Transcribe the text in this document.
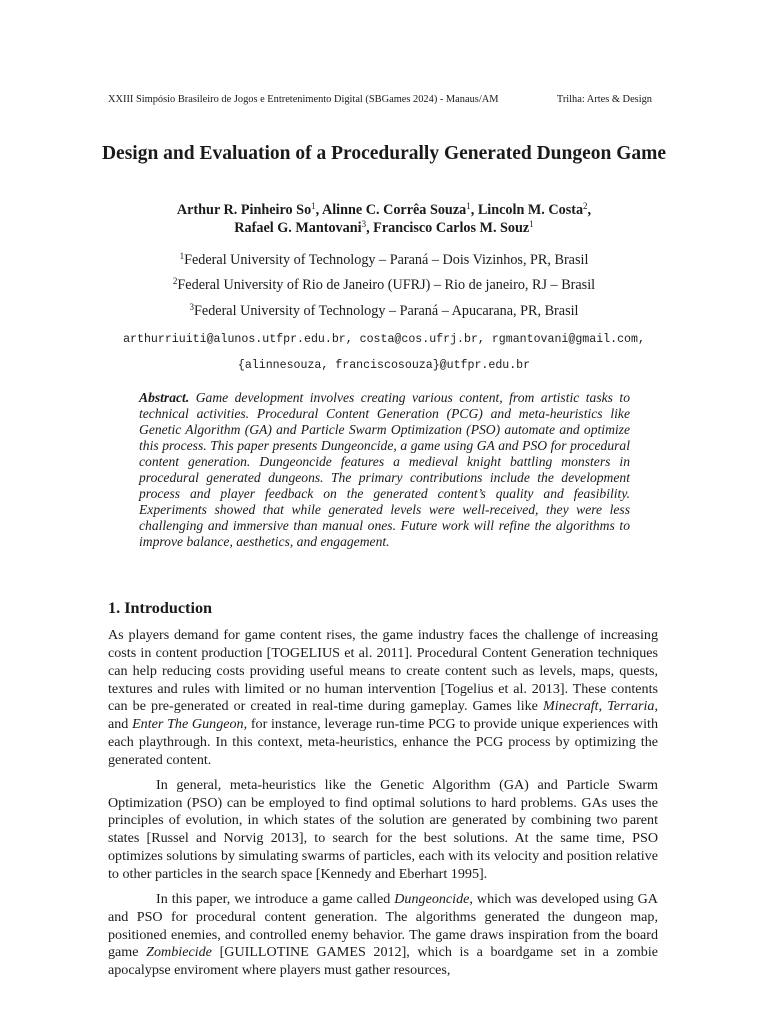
XXIII Simpósio Brasileiro de Jogos e Entretenimento Digital (SBGames 2024) - Manaus/AM	Trilha: Artes & Design
Design and Evaluation of a Procedurally Generated Dungeon Game
Arthur R. Pinheiro So$^1$, Alinne C. Corrêa Souza$^1$, Lincoln M. Costa$^2$,
Rafael G. Mantovani$^3$, Francisco Carlos M. Souz$^1$
$^1$Federal University of Technology – Paraná – Dois Vizinhos, PR, Brasil
$^2$Federal University of Rio de Janeiro (UFRJ) – Rio de janeiro, RJ – Brasil
$^3$Federal University of Technology – Paraná – Apucarana, PR, Brasil
arthurriuiti@alunos.utfpr.edu.br, costa@cos.ufrj.br, rgmantovani@gmail.com,
{alinnesouza, franciscosouza}@utfpr.edu.br
Abstract. Game development involves creating various content, from artistic tasks to technical activities. Procedural Content Generation (PCG) and meta-heuristics like Genetic Algorithm (GA) and Particle Swarm Optimization (PSO) automate and optimize this process. This paper presents Dungeoncide, a game using GA and PSO for procedural content generation. Dungeoncide features a medieval knight battling monsters in procedural generated dungeons. The primary contributions include the development process and player feedback on the generated content’s quality and feasibility. Experiments showed that while generated levels were well-received, they were less challenging and immersive than manual ones. Future work will refine the algorithms to improve balance, aesthetics, and engagement.
1. Introduction

As players demand for game content rises, the game industry faces the challenge of increasing costs in content production [TOGELIUS et al. 2011]. Procedural Content Generation techniques can help reducing costs providing useful means to create content such as levels, maps, quests, textures and rules with limited or no human intervention [Togelius et al. 2013]. These contents can be pre-generated or created in real-time during gameplay. Games like Minecraft, Terraria, and Enter The Gungeon, for instance, leverage run-time PCG to provide unique experiences with each playthrough. In this context, meta-heuristics, enhance the PCG process by optimizing the generated content.

In general, meta-heuristics like the Genetic Algorithm (GA) and Particle Swarm Optimization (PSO) can be employed to find optimal solutions to hard problems. GAs uses the principles of evolution, in which states of the solution are generated by combining two parent states [Russel and Norvig 2013], to search for the best solutions. At the same time, PSO optimizes solutions by simulating swarms of particles, each with its velocity and position relative to other particles in the search space [Kennedy and Eberhart 1995].

In this paper, we introduce a game called Dungeoncide, which was developed using GA and PSO for procedural content generation. The algorithms generated the dungeon map, positioned enemies, and controlled enemy behavior. The game draws inspiration from the board game Zombiecide [GUILLOTINE GAMES 2012], which is a boardgame set in a zombie apocalypse enviroment where players must gather resources,
